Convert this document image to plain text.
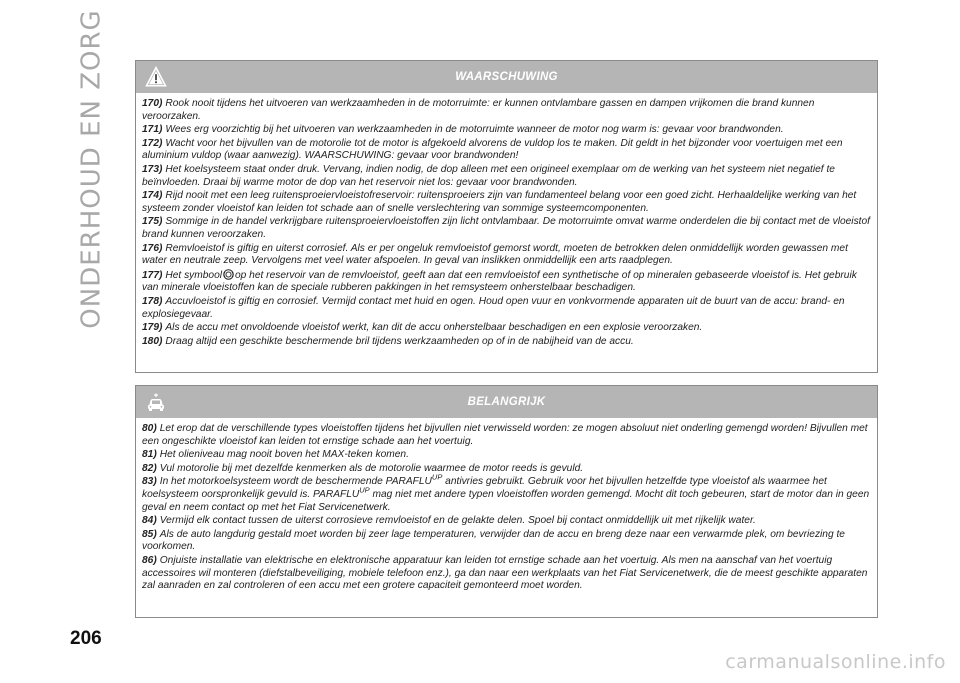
ONDERHOUD EN ZORG	WAARSCHUWING

170) Rook nooit tijdens het uitvoeren van werkzaamheden in de motorruimte: er kunnen ontvlambare gassen en dampen vrijkomen die brand kunnen veroorzaken.

171) Wees erg voorzichtig bij het uitvoeren van werkzaamheden in de motorruimte wanneer de motor nog warm is: gevaar voor brandwonden.

172) Wacht voor het bijvullen van de motorolie tot de motor is afgekoeld alvorens de vuldop los te maken. Dit geldt in het bijzonder voor voertuigen met een aluminium vuldop (waar aanwezig). WAARSCHUWING: gevaar voor brandwonden!

173) Het koelsysteem staat onder druk. Vervang, indien nodig, de dop alleen met een origineel exemplaar om de werking van het systeem niet negatief te beïnvloeden. Draai bij warme motor de dop van het reservoir niet los: gevaar voor brandwonden.

174) Rijd nooit met een leeg ruitensproeiervloeistofreservoir: ruitensproeiers zijn van fundamenteel belang voor een goed zicht. Herhaaldelijke werking van het systeem zonder vloeistof kan leiden tot schade aan of snelle verslechtering van sommige systeemcomponenten.

175) Sommige in de handel verkrijgbare ruitensproeiervloeistoffen zijn licht ontvlambaar. De motorruimte omvat warme onderdelen die bij contact met de vloeistof brand kunnen veroorzaken.

176) Remvloeistof is giftig en uiterst corrosief. Als er per ongeluk remvloeistof gemorst wordt, moeten de betrokken delen onmiddellijk worden gewassen met water en neutrale zeep. Vervolgens met veel water afspoelen. In geval van inslikken onmiddellijk een arts raadplegen.

177) Het symbool op het reservoir van de remvloeistof, geeft aan dat een remvloeistof een synthetische of op mineralen gebaseerde vloeistof is. Het gebruik van minerale vloeistoffen kan de speciale rubberen pakkingen in het remsysteem onherstelbaar beschadigen.

178) Accuvloeistof is giftig en corrosief. Vermijd contact met huid en ogen. Houd open vuur en vonkvormende apparaten uit de buurt van de accu: brand- en explosiegevaar.

179) Als de accu met onvoldoende vloeistof werkt, kan dit de accu onherstelbaar beschadigen en een explosie veroorzaken.

180) Draag altijd een geschikte beschermende bril tijdens werkzaamheden op of in de nabijheid van de accu.

BELANGRIJK

80) Let erop dat de verschillende types vloeistoffen tijdens het bijvullen niet verwisseld worden: ze mogen absoluut niet onderling gemengd worden! Bijvullen met een ongeschikte vloeistof kan leiden tot ernstige schade aan het voertuig.

81) Het olieniveau mag nooit boven het MAX-teken komen.

82) Vul motorolie bij met dezelfde kenmerken als de motorolie waarmee de motor reeds is gevuld.

83) In het motorkoelsysteem wordt de beschermende $PARAFLU^{UP}$ antivries gebruikt. Gebruik voor het bijvullen hetzelfde type vloeistof als waarmee het koelsysteem oorspronkelijk gevuld is. $PARAFLU^{UP}$ mag niet met andere typen vloeistoffen worden gemengd. Mocht dit toch gebeuren, start de motor dan in geen geval en neem contact op met het Fiat Servicenetwerk.

84) Vermijd elk contact tussen de uiterst corrosieve remvloeistof en de gelakte delen. Spoel bij contact onmiddellijk uit met rijkelijk water.

85) Als de auto langdurig gestald moet worden bij zeer lage temperaturen, verwijder dan de accu en breng deze naar een verwarmde plek, om bevriezing te voorkomen.

86) Onjuiste installatie van elektrische en elektronische apparatuur kan leiden tot ernstige schade aan het voertuig. Als men na aanschaf van het voertuig accessoires wil monteren (diefstalbeveiliging, mobiele telefoon enz.), ga dan naar een werkplaats van het Fiat Servicenetwerk, die de meest geschikte apparaten zal aanraden en zal controleren of een accu met een grotere capaciteit gemonteerd moet worden.

206
carmanualsonline.info
